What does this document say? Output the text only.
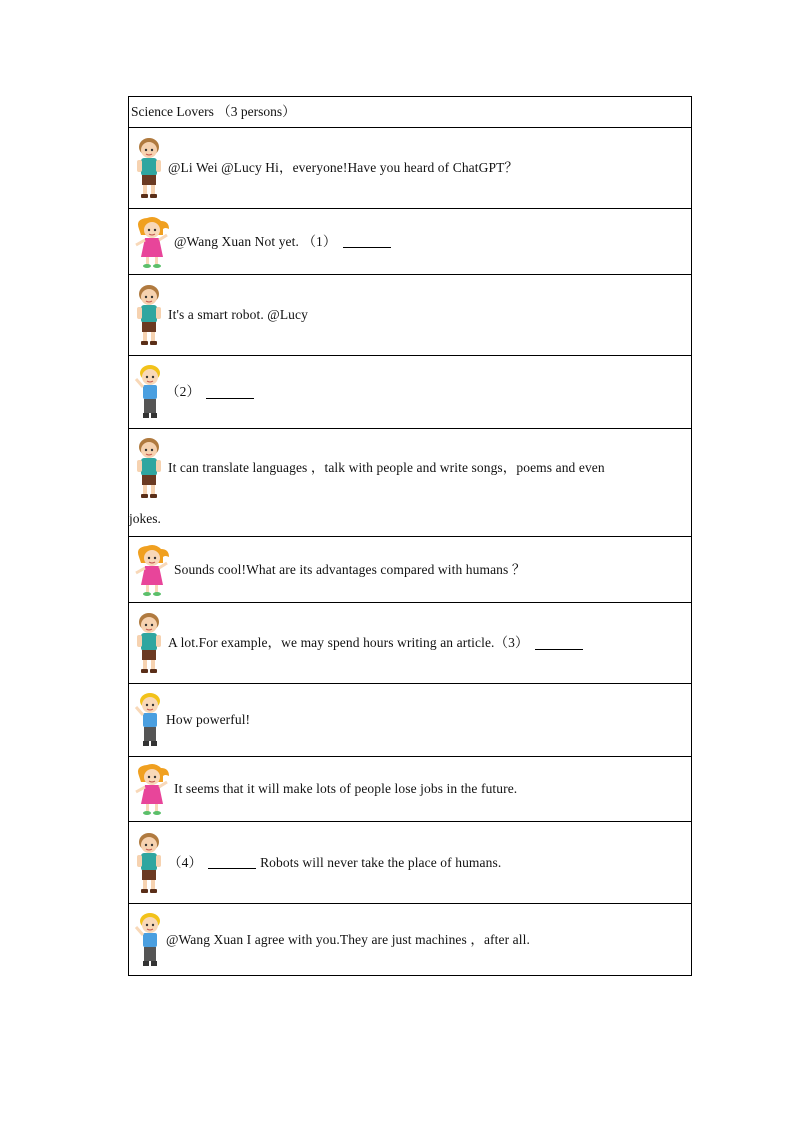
Science Lovers （3 persons）

@Li Wei @Lucy Hi，everyone!Have you heard of ChatGPT？

@Wang Xuan Not yet. （1）

It's a smart robot. @Lucy

（2）

It can translate languages ，talk with people and write songs，poems and even
jokes.

Sounds cool!What are its advantages compared with humans ？

A lot.For example，we may spend hours writing an article.（3）

How powerful!

It seems that it will make lots of people lose jobs in the future.

（4）	Robots will never take the place of humans.

@Wang Xuan I agree with you.They are just machines ，after all.
